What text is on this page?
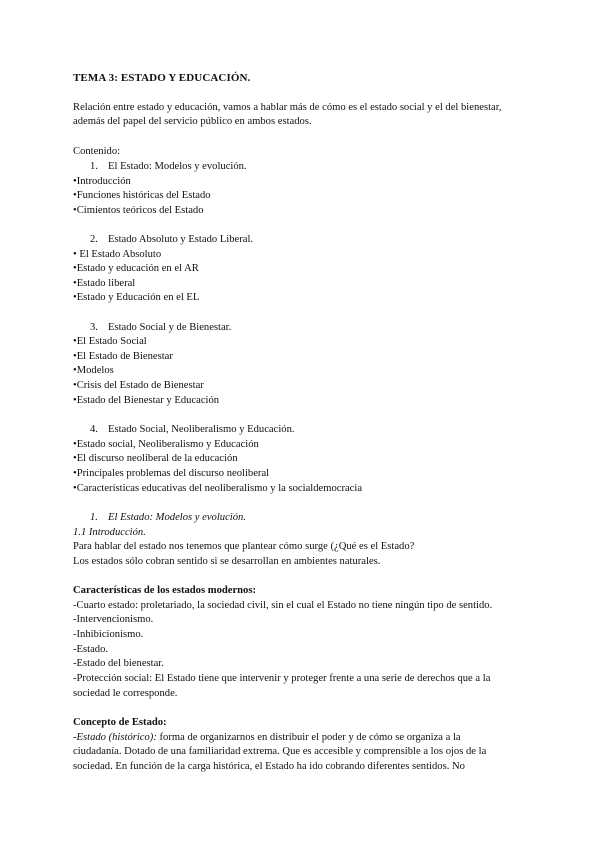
TEMA 3: ESTADO Y EDUCACIÓN.
Relación entre estado y educación, vamos a hablar más de cómo es el estado social y el del bienestar,
además del papel del servicio público en ambos estados.
Contenido:
1. El Estado: Modelos y evolución.
•Introducción
•Funciones históricas del Estado
•Cimientos teóricos del Estado
2. Estado Absoluto y Estado Liberal.
• El Estado Absoluto
•Estado y educación en el AR
•Estado liberal
•Estado y Educación en el EL
3. Estado Social y de Bienestar.
•El Estado Social
•El Estado de Bienestar
•Modelos
•Crisis del Estado de Bienestar
•Estado del Bienestar y Educación
4. Estado Social, Neoliberalismo y Educación.
•Estado social, Neoliberalismo y Educación
•El discurso neoliberal de la educación
•Principales problemas del discurso neoliberal
•Características educativas del neoliberalismo y la socialdemocracia
1. El Estado: Modelos y evolución.
1.1 Introducción.
Para hablar del estado nos tenemos que plantear cómo surge (¿Qué es el Estado?
Los estados sólo cobran sentido si se desarrollan en ambientes naturales.
Características de los estados modernos:
-Cuarto estado: proletariado, la sociedad civil, sin el cual el Estado no tiene ningún tipo de sentido.
-Intervencionismo.
-Inhibicionismo.
-Estado.
-Estado del bienestar.
-Protección social: El Estado tiene que intervenir y proteger frente a una serie de derechos que a la
sociedad le corresponde.
Concepto de Estado:
-Estado (histórico): forma de organizarnos en distribuir el poder y de cómo se organiza a la
ciudadanía. Dotado de una familiaridad extrema. Que es accesible y comprensible a los ojos de la
sociedad. En función de la carga histórica, el Estado ha ido cobrando diferentes sentidos. No
